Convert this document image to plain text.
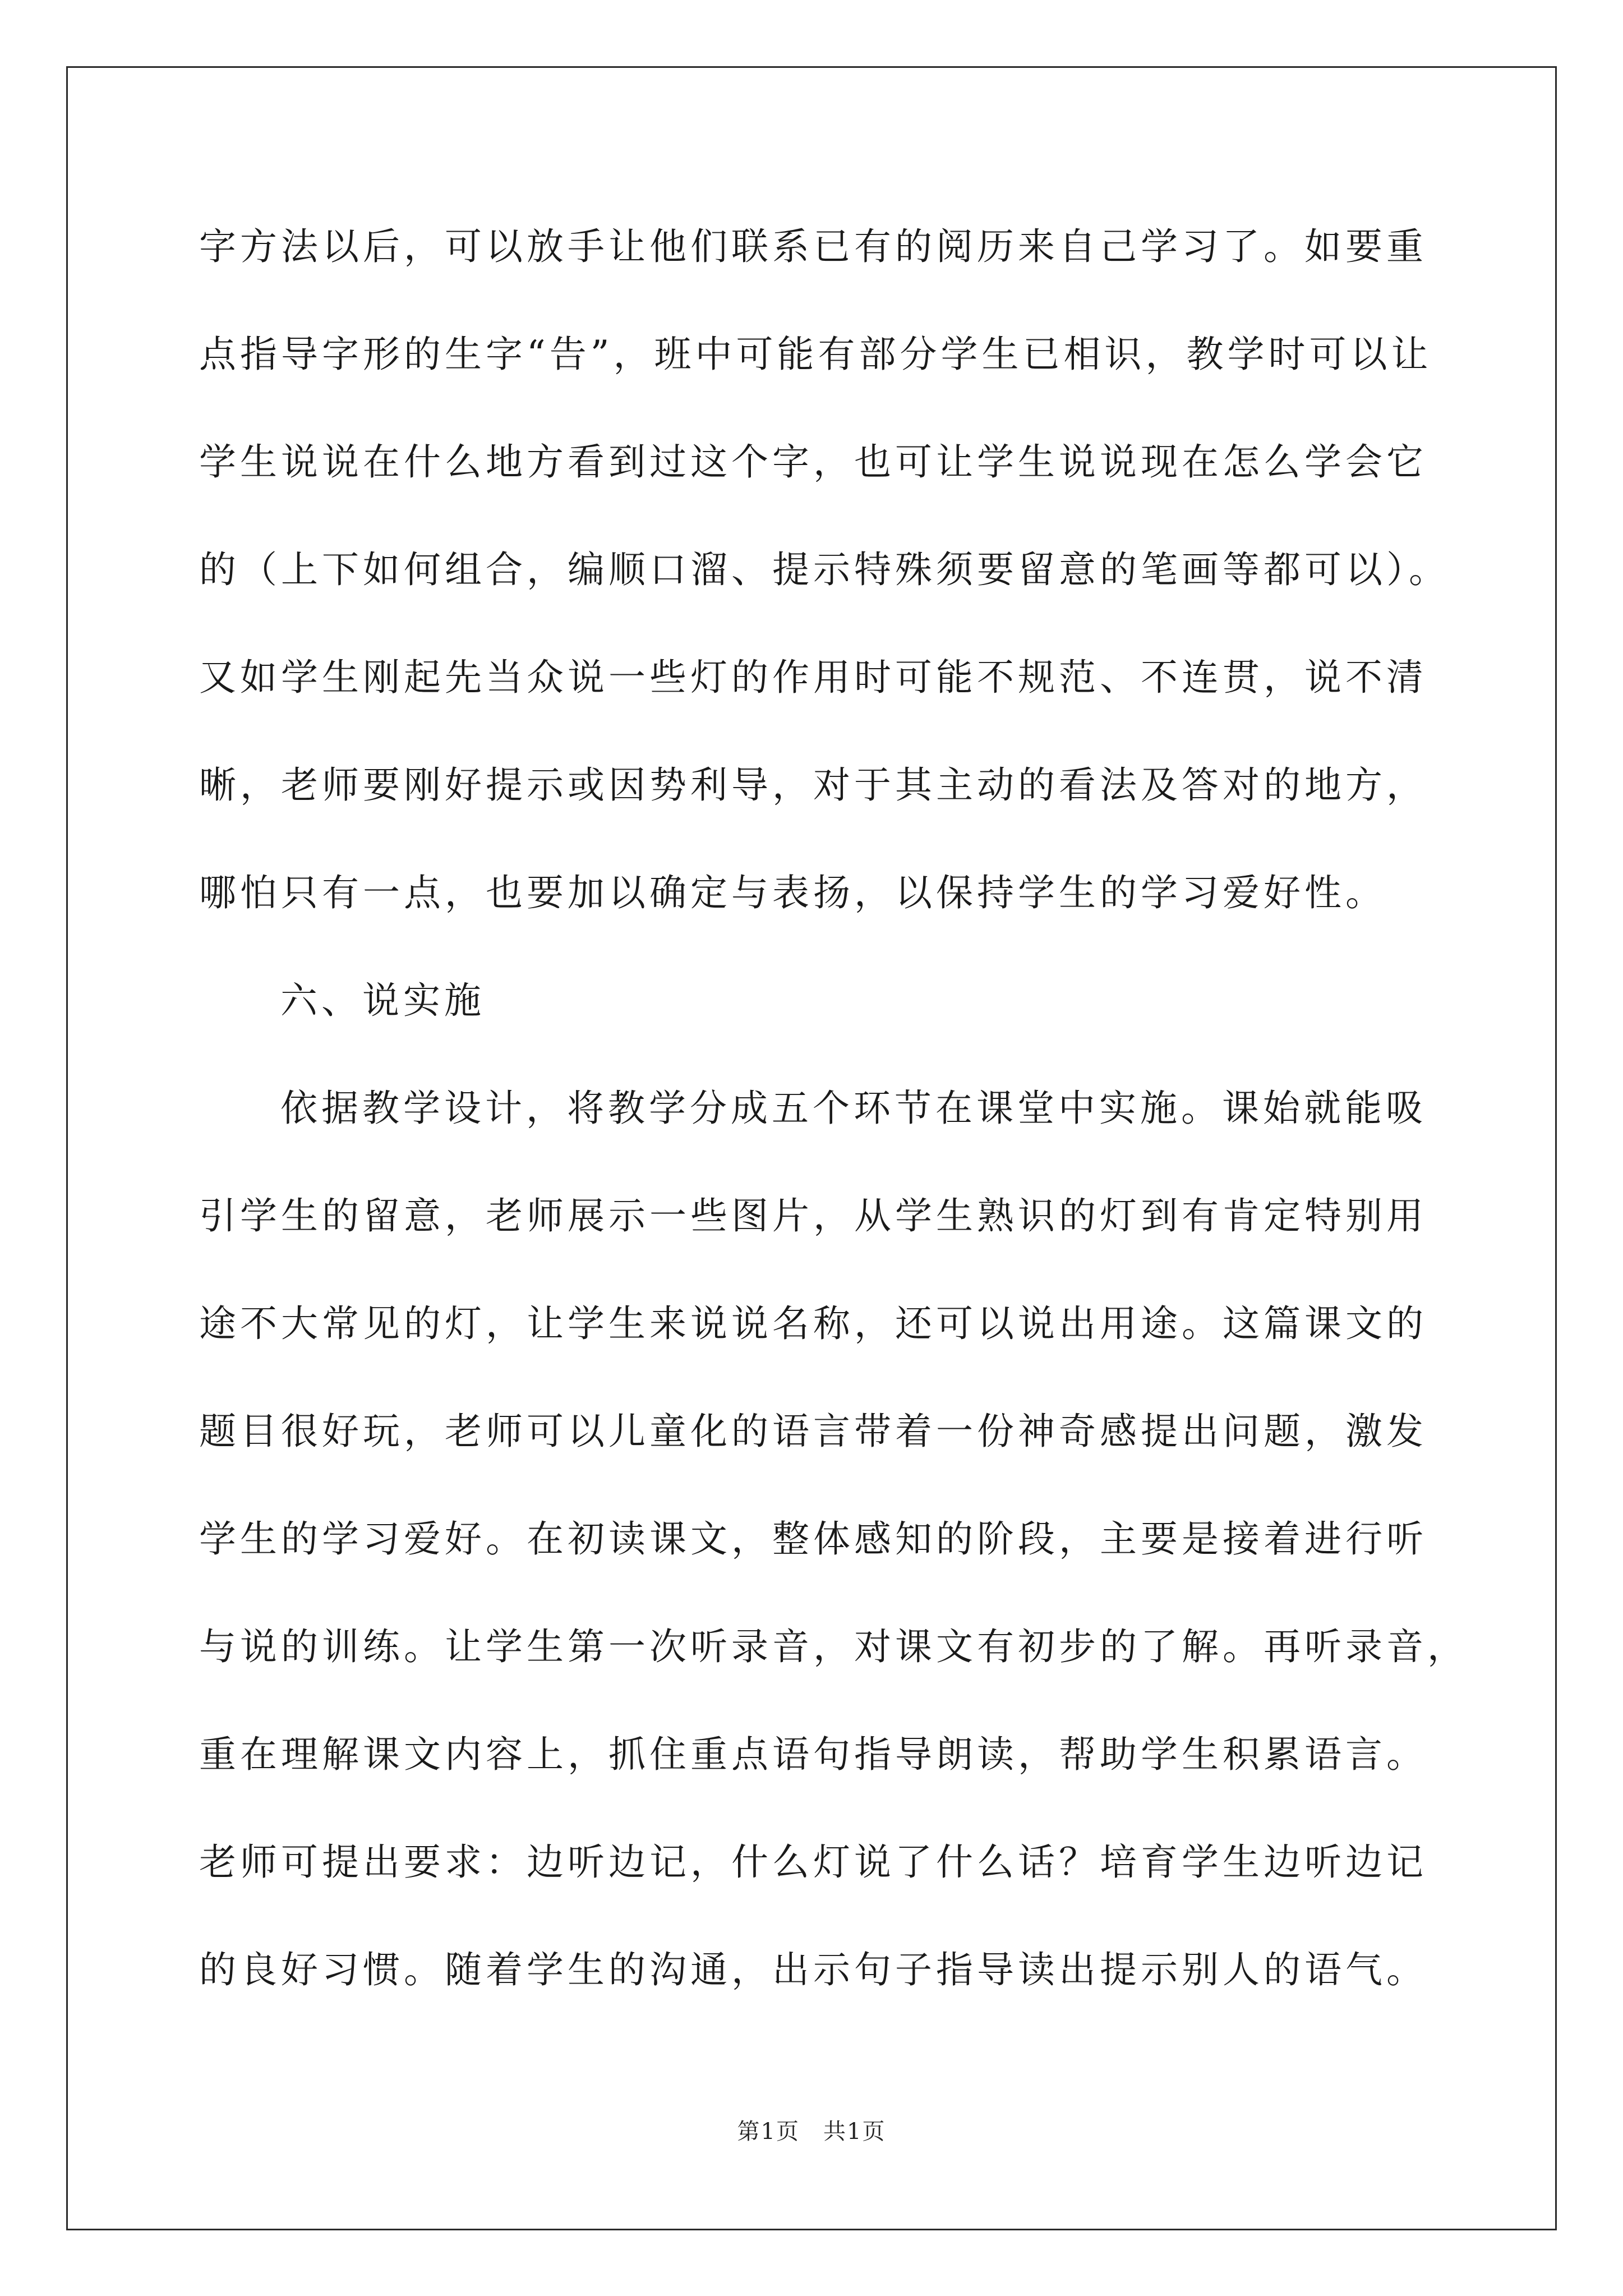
字方法以后，可以放手让他们联系已有的阅历来自己学习了。如要重
点指导字形的生字“告”，班中可能有部分学生已相识，教学时可以让
学生说说在什么地方看到过这个字，也可让学生说说现在怎么学会它
的（上下如何组合，编顺口溜、提示特殊须要留意的笔画等都可以）。
又如学生刚起先当众说一些灯的作用时可能不规范、不连贯，说不清
晰，老师要刚好提示或因势利导，对于其主动的看法及答对的地方，
哪怕只有一点，也要加以确定与表扬，以保持学生的学习爱好性。
六、说实施
依据教学设计，将教学分成五个环节在课堂中实施。课始就能吸
引学生的留意，老师展示一些图片，从学生熟识的灯到有肯定特别用
途不大常见的灯，让学生来说说名称，还可以说出用途。这篇课文的
题目很好玩，老师可以儿童化的语言带着一份神奇感提出问题，激发
学生的学习爱好。在初读课文，整体感知的阶段，主要是接着进行听
与说的训练。让学生第一次听录音，对课文有初步的了解。再听录音，
重在理解课文内容上，抓住重点语句指导朗读，帮助学生积累语言。
老师可提出要求：边听边记，什么灯说了什么话？培育学生边听边记
的良好习惯。随着学生的沟通，出示句子指导读出提示别人的语气。
第1页　共1页
